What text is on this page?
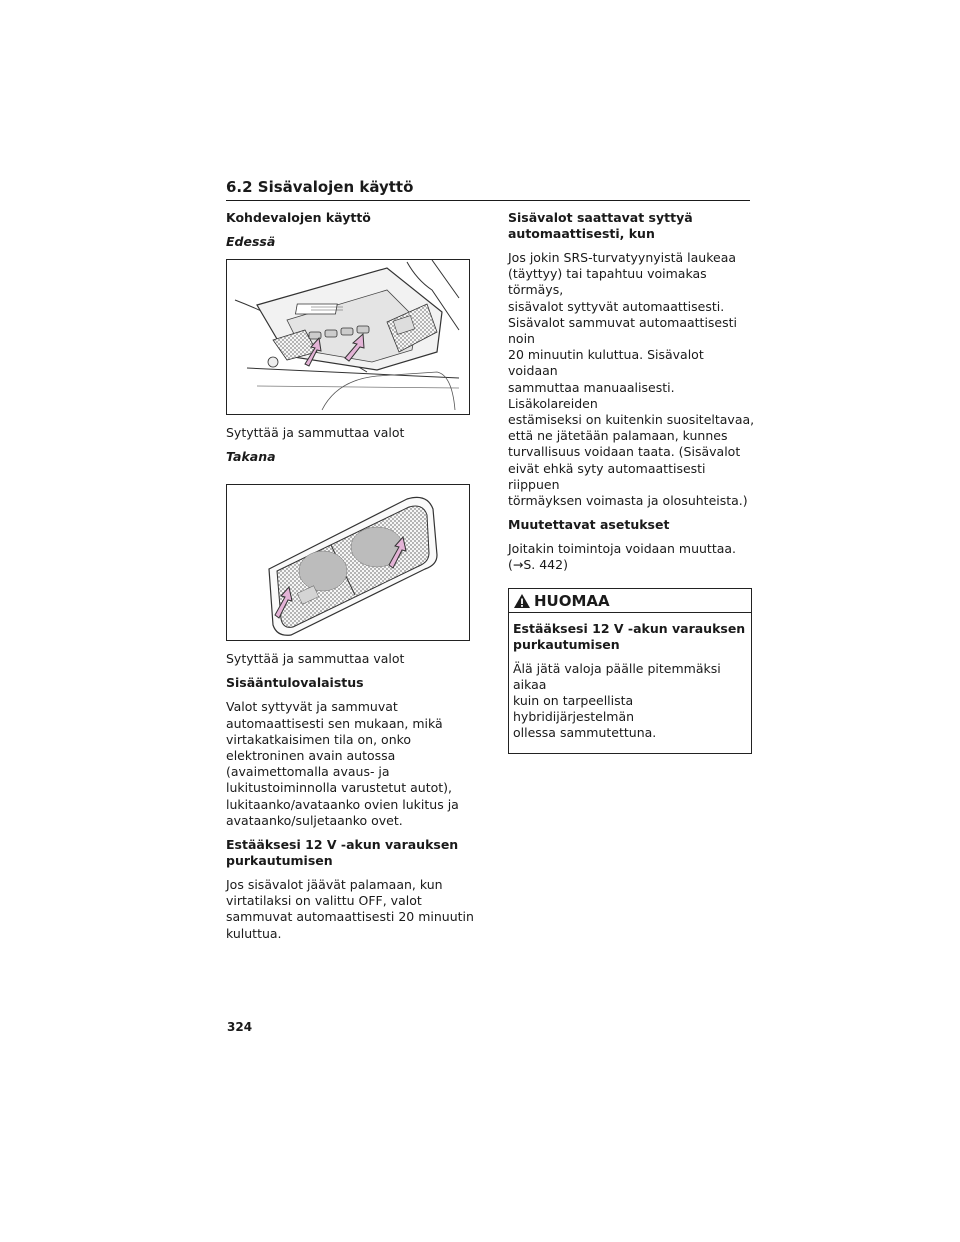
6.2 Sisävalojen käyttö
Kohdevalojen käyttö
Edessä
Sytyttää ja sammuttaa valot
Takana
Sytyttää ja sammuttaa valot
Sisääntulovalaistus
Valot syttyvät ja sammuvat
automaattisesti sen mukaan, mikä
virtakatkaisimen tila on, onko
elektroninen avain autossa
(avaimettomalla avaus- ja
lukitustoiminnolla varustetut autot),
lukitaanko/avataanko ovien lukitus ja
avataanko/suljetaanko ovet.
Estääksesi 12 V -akun varauksen
purkautumisen
Jos sisävalot jäävät palamaan, kun
virtatilaksi on valittu OFF, valot
sammuvat automaattisesti 20 minuutin
kuluttua.
Sisävalot saattavat syttyä
automaattisesti, kun
Jos jokin SRS-turvatyynyistä laukeaa
(täyttyy) tai tapahtuu voimakas törmäys,
sisävalot syttyvät automaattisesti.
Sisävalot sammuvat automaattisesti noin
20 minuutin kuluttua. Sisävalot voidaan
sammuttaa manuaalisesti. Lisäkolareiden
estämiseksi on kuitenkin suositeltavaa,
että ne jätetään palamaan, kunnes
turvallisuus voidaan taata. (Sisävalot
eivät ehkä syty automaattisesti riippuen
törmäyksen voimasta ja olosuhteista.)
Muutettavat asetukset
Joitakin toimintoja voidaan muuttaa.
(→S. 442)
HUOMAA
Estääksesi 12 V -akun varauksen
purkautumisen
Älä jätä valoja päälle pitemmäksi aikaa
kuin on tarpeellista hybridijärjestelmän
ollessa sammutettuna.
324
